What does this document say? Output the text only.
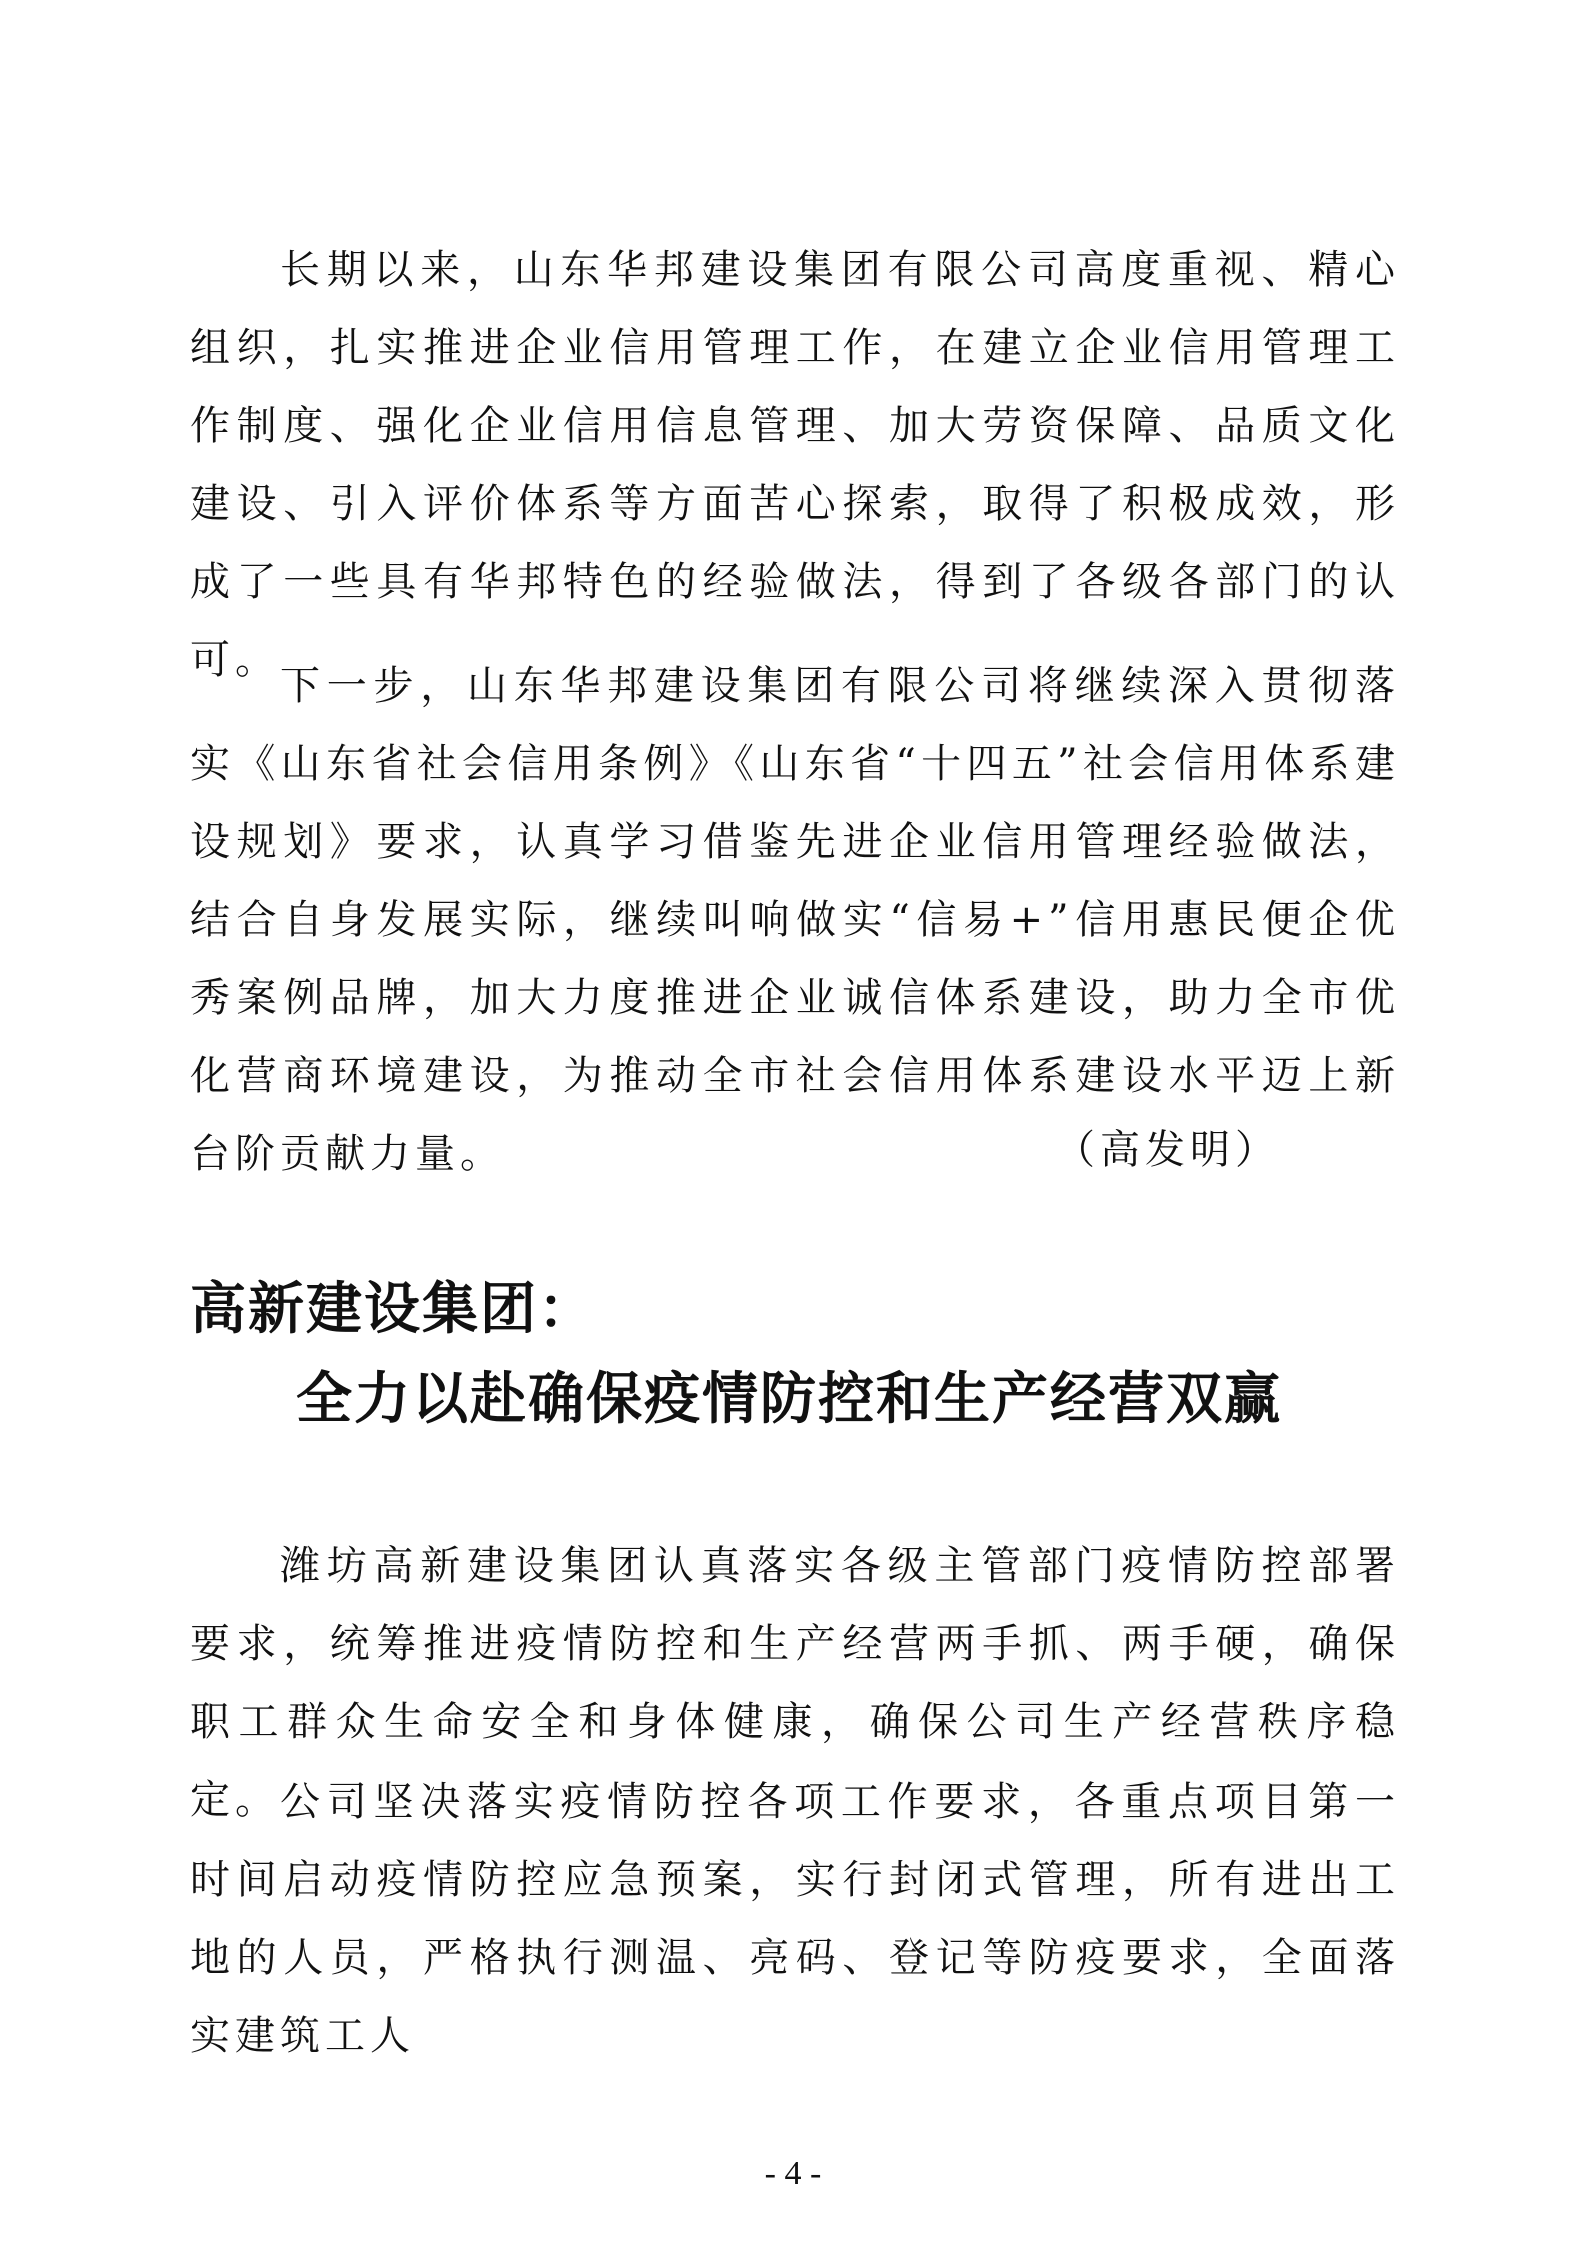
长期以来，山东华邦建设集团有限公司高度重视、精心组织，扎实推进企业信用管理工作，在建立企业信用管理工作制度、强化企业信用信息管理、加大劳资保障、品质文化建设、引入评价体系等方面苦心探索，取得了积极成效，形成了一些具有华邦特色的经验做法，得到了各级各部门的认可。

下一步，山东华邦建设集团有限公司将继续深入贯彻落实《山东省社会信用条例》《山东省“十四五”社会信用体系建设规划》要求，认真学习借鉴先进企业信用管理经验做法，结合自身发展实际，继续叫响做实“信易+”信用惠民便企优秀案例品牌，加大力度推进企业诚信体系建设，助力全市优化营商环境建设，为推动全市社会信用体系建设水平迈上新台阶贡献力量。	（高发明）

高新建设集团：
全力以赴确保疫情防控和生产经营双赢

潍坊高新建设集团认真落实各级主管部门疫情防控部署要求，统筹推进疫情防控和生产经营两手抓、两手硬，确保职工群众生命安全和身体健康，确保公司生产经营秩序稳定。 公司坚决落实疫情防控各项工作要求，各重点项目第一时间启动疫情防控应急预案，实行封闭式管理，所有进出工地的人员，严格执行测温、亮码、登记等防疫要求，全面落实建筑工人

- 4 -
